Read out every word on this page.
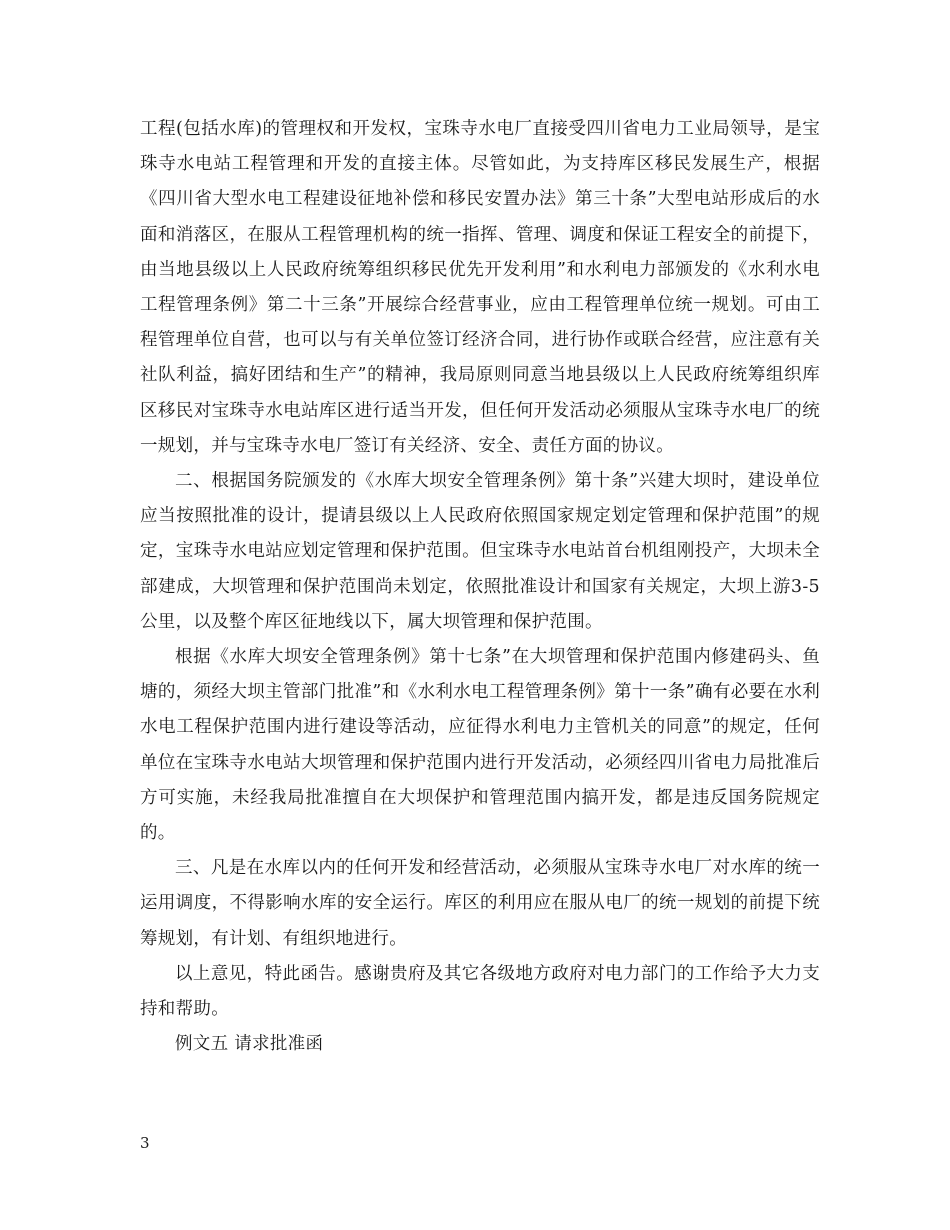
工程(包括水库)的管理权和开发权，宝珠寺水电厂直接受四川省电力工业局领导，是宝珠寺水电站工程管理和开发的直接主体。尽管如此，为支持库区移民发展生产，根据《四川省大型水电工程建设征地补偿和移民安置办法》第三十条”大型电站形成后的水面和消落区，在服从工程管理机构的统一指挥、管理、调度和保证工程安全的前提下，由当地县级以上人民政府统筹组织移民优先开发利用”和水利电力部颁发的《水利水电工程管理条例》第二十三条”开展综合经营事业，应由工程管理单位统一规划。可由工程管理单位自营，也可以与有关单位签订经济合同，进行协作或联合经营，应注意有关社队利益，搞好团结和生产”的精神，我局原则同意当地县级以上人民政府统筹组织库区移民对宝珠寺水电站库区进行适当开发，但任何开发活动必须服从宝珠寺水电厂的统一规划，并与宝珠寺水电厂签订有关经济、安全、责任方面的协议。

二、根据国务院颁发的《水库大坝安全管理条例》第十条”兴建大坝时，建设单位应当按照批准的设计，提请县级以上人民政府依照国家规定划定管理和保护范围”的规定，宝珠寺水电站应划定管理和保护范围。但宝珠寺水电站首台机组刚投产，大坝未全部建成，大坝管理和保护范围尚未划定，依照批准设计和国家有关规定，大坝上游3-5公里，以及整个库区征地线以下，属大坝管理和保护范围。

根据《水库大坝安全管理条例》第十七条”在大坝管理和保护范围内修建码头、鱼塘的，须经大坝主管部门批准”和《水利水电工程管理条例》第十一条”确有必要在水利水电工程保护范围内进行建设等活动，应征得水利电力主管机关的同意”的规定，任何单位在宝珠寺水电站大坝管理和保护范围内进行开发活动，必须经四川省电力局批准后方可实施，未经我局批准擅自在大坝保护和管理范围内搞开发，都是违反国务院规定的。

三、凡是在水库以内的任何开发和经营活动，必须服从宝珠寺水电厂对水库的统一运用调度，不得影响水库的安全运行。库区的利用应在服从电厂的统一规划的前提下统筹规划，有计划、有组织地进行。

以上意见，特此函告。感谢贵府及其它各级地方政府对电力部门的工作给予大力支持和帮助。

例文五 请求批准函

3
